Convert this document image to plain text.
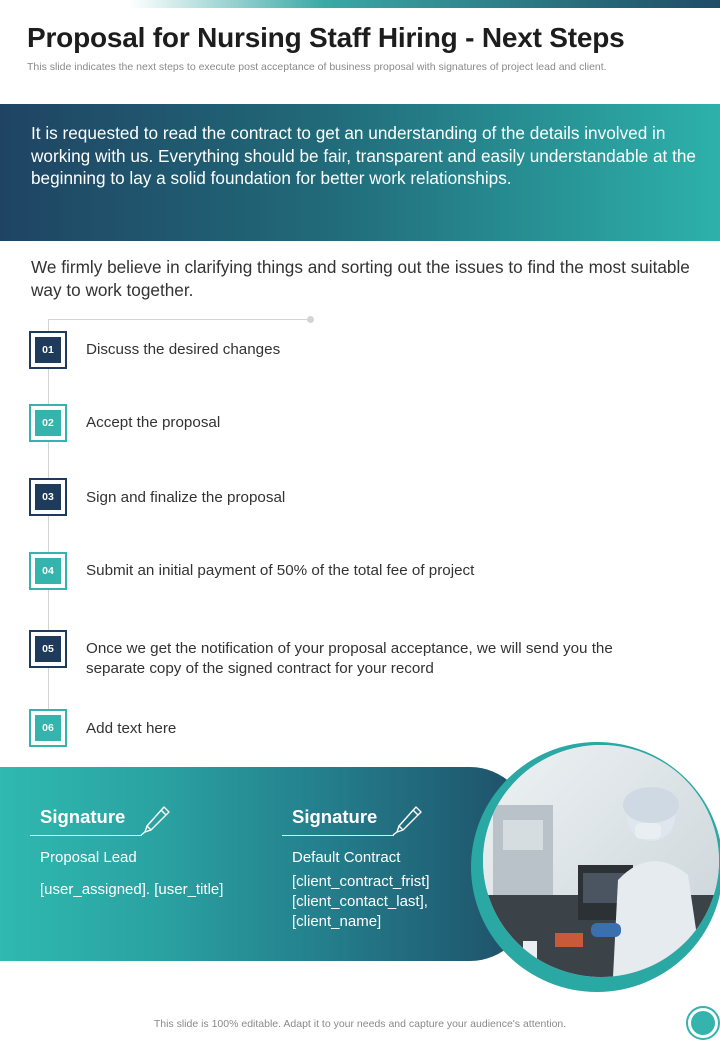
Proposal for Nursing Staff Hiring - Next Steps

This slide indicates the next steps to execute post acceptance of business proposal with signatures of project lead and client.

It is requested to read the contract to get an understanding of the details involved in working with us. Everything should be fair, transparent and easily understandable at the beginning to lay a solid foundation for better work relationships.

We firmly believe in clarifying things and sorting out the issues to find the most suitable way to work together.

01	Discuss the desired changes
02	Accept the proposal
03	Sign and finalize the proposal
04	Submit an initial payment of 50% of the total fee of project
05	Once we get the notification of your proposal acceptance, we will send you the separate copy of the signed contract for your record
06	Add text here
Signature
Proposal Lead
[user_assigned]. [user_title]
Signature
Default Contract
[client_contract_frist]
[client_contact_last],
[client_name]
This slide is 100% editable. Adapt it to your needs and capture your audience's attention.
